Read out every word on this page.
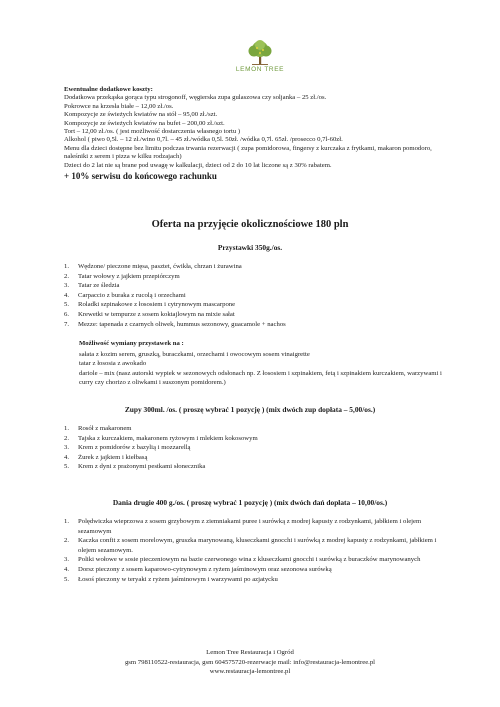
LEMON TREE
Ewentualne dodatkowe koszty:
Dodatkowa przekąska gorąca typu strogonoff, węgierska zupa gulaszowa czy soljanka – 25 zł./os.
Pokrowce na krzesła białe – 12,00 zł./os.
Kompozycje ze świeżych kwiatów na stół – 95,00 zł./szt.
Kompozycje ze świeżych kwiatów na bufet – 200,00 zł./szt.
Tort – 12,00 zł./os. ( jest możliwość dostarczenia własnego tortu )
Alkohol ( piwo 0,5l. – 12 zł./wino 0,7l. – 45 zł./wódka 0,5l. 50zł. /wódka 0,7l. 65zł. /prosecco 0,7l-60zł.
Menu dla dzieci dostępne bez limitu podczas trwania rezerwacji ( zupa pomidorowa, fingersy z kurczaka z frytkami, makaron pomodoro, naleśniki z serem i pizza w kilku rodzajach)
Dzieci do 2 lat nie są brane pod uwagę w kalkulacji, dzieci od 2 do 10 lat liczone są z 30% rabatem.
+ 10% serwisu do końcowego rachunku
Oferta na przyjęcie okolicznościowe 180 pln
Przystawki 350g./os.
1. Wędzone/ pieczone mięsa, pasztet, ćwikła, chrzan i żurawina
2. Tatar wołowy z jajkiem przepiórczym
3. Tatar ze śledzia
4. Carpaccio z buraka z rucolą i orzechami
5. Roladki szpinakowe z łososiem i cytrynowym mascarpone
6. Krewetki w tempurze z sosem koktajlowym na mixie sałat
7. Mezze: tapenada z czarnych oliwek, hummus sezonowy, guacamole + nachos
Możliwość wymiany przystawek na :
sałata z kozim serem, gruszką, buraczkami, orzechami i owocowym sosem vinaigrette
tatar z łososia z awokado
dariole – mix (nasz autorski wypiek w sezonowych odsłonach np. Z łososiem i szpinakiem, fetą i szpinakiem kurczakiem, warzywami i curry czy chorizo z oliwkami i suszonym pomidorem.)
Zupy 300ml. /os. ( proszę wybrać 1 pozycję ) (mix dwóch zup dopłata – 5,00/os.)
1. Rosół z makaronem
2. Tajska z kurczakiem, makaronem ryżowym i mlekiem kokosowym
3. Krem z pomidorów z bazylią i mozzarellą
4. Żurek z jajkiem i kiełbasą
5. Krem z dyni z prażonymi pestkami słonecznika
Dania drugie 400 g./os. ( proszę wybrać 1 pozycję ) (mix dwóch dań dopłata – 10,00/os.)
1. Polędwiczka wieprzowa z sosem grzybowym z ziemniakami puree i surówką z modrej kapusty z rodzynkami, jabłkiem i olejem sezamowym
2. Kaczka confit z sosem morelowym, gruszka marynowaną, kluseczkami gnocchi i surówką z modrej kapusty z rodzynkami, jabłkiem i olejem sezamowym.
3. Poliki wołowe w sosie pieczeniowym na bazie czerwonego wina z kluseczkami gnocchi i surówką z buraczków marynowanych
4. Dorsz pieczony z sosem kaparowo-cytrynowym z ryżem jaśminowym oraz sezonowa surówką
5. Łosoś pieczony w teryaki z ryżem jaśminowym i warzywami po azjatycku
Lemon Tree Restauracja i Ogród
gsm 798110522-restauracja, gsm 604575720-rezerwacje mail: info@restauracja-lemontree.pl
www.restauracja-lemontree.pl
